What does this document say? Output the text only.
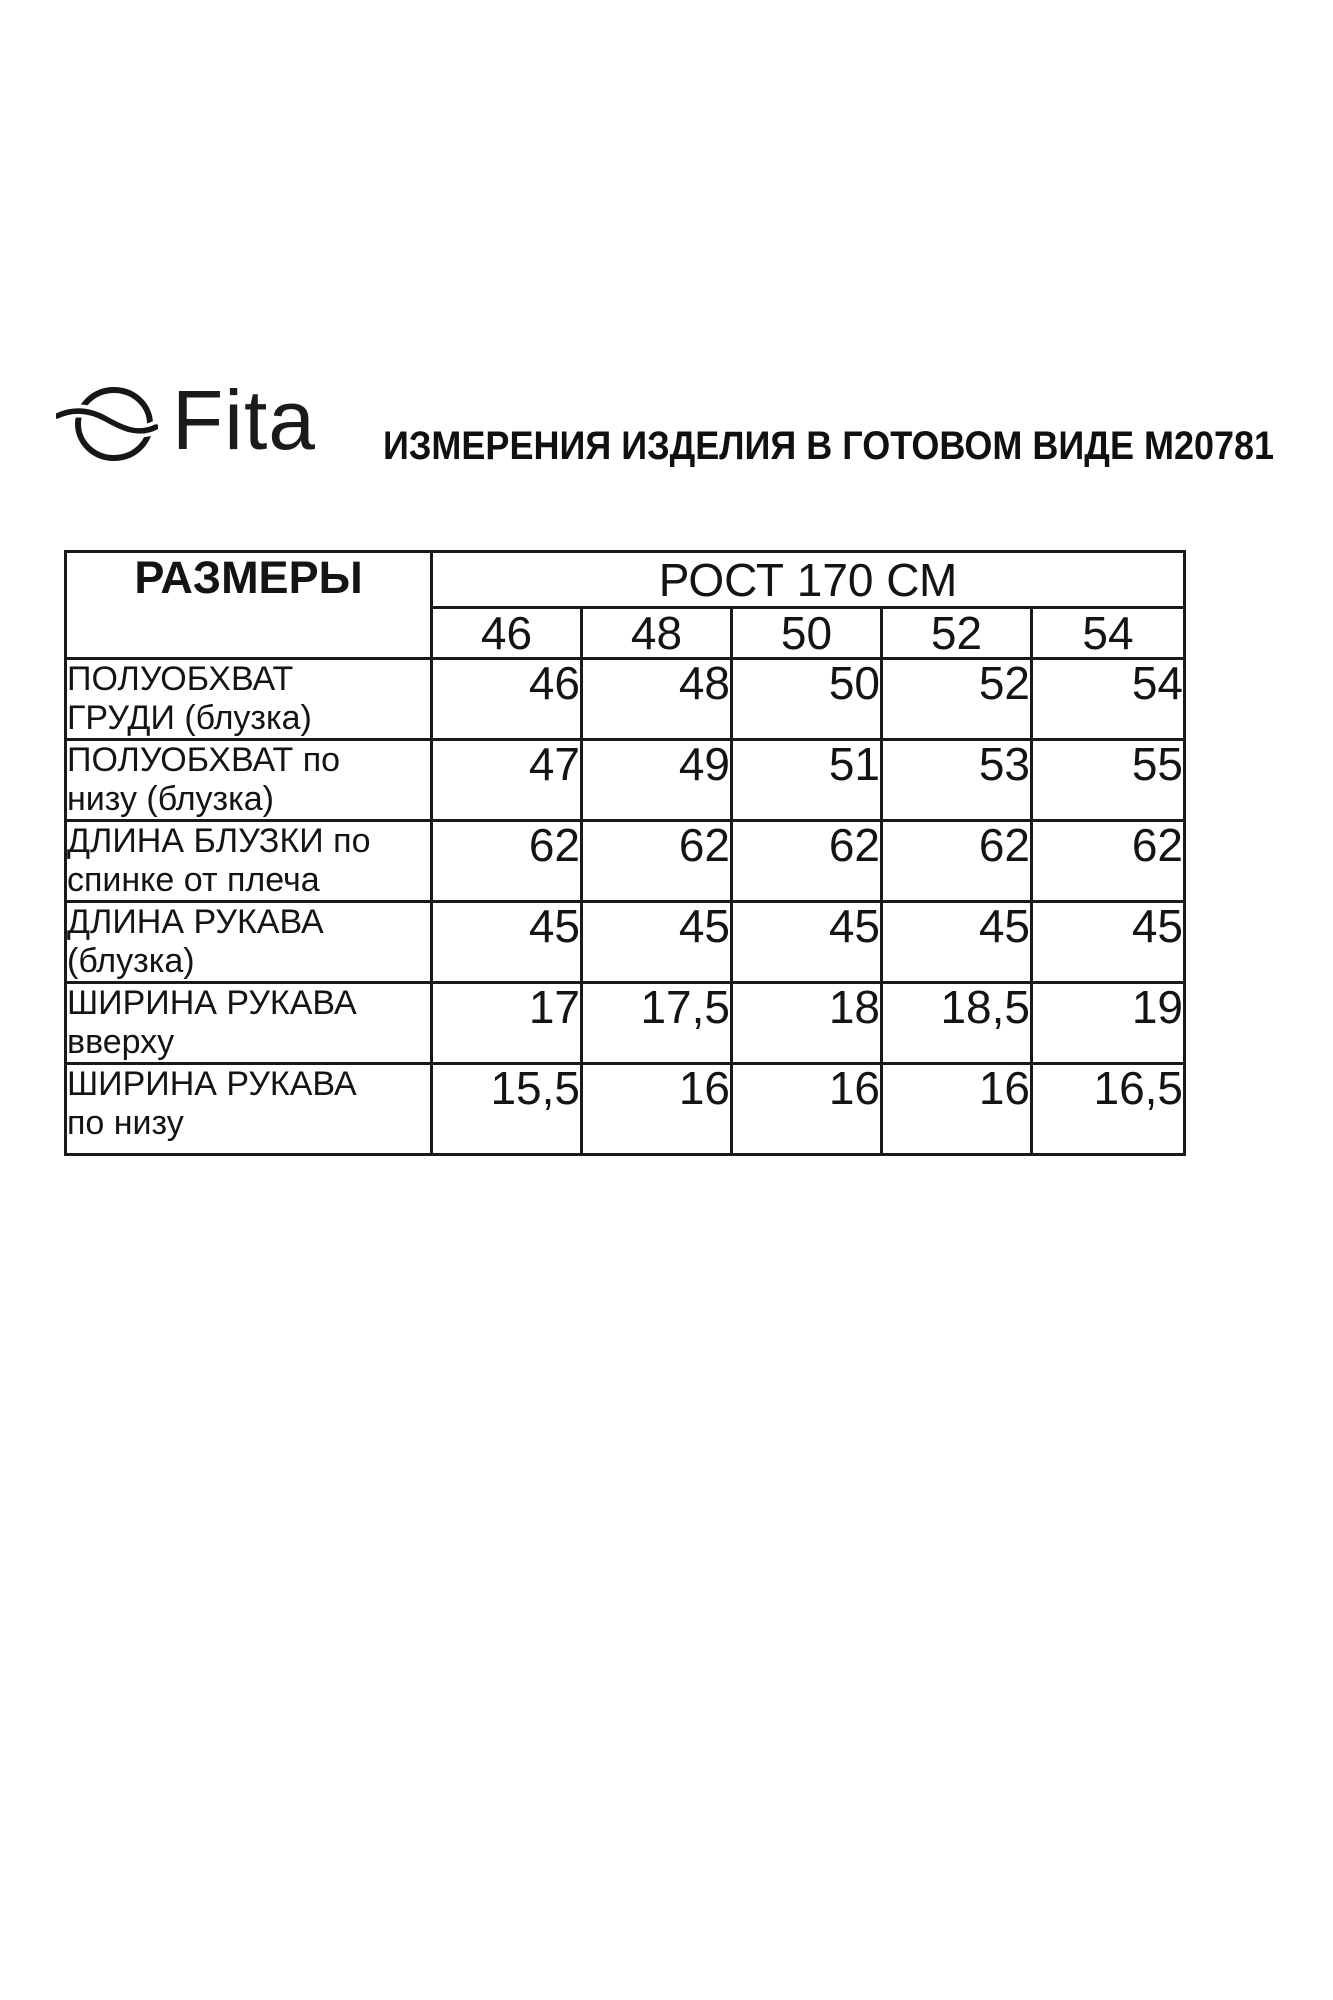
Fita ИЗМЕРЕНИЯ ИЗДЕЛИЯ В ГОТОВОМ ВИДЕ М20781
РАЗМЕРЫ	РОСТ 170 СМ				
	46	48	50	52	54
ПОЛУОБХВАТ
ГРУДИ (блузка)	46	48	50	52	54
ПОЛУОБХВАТ по
низу (блузка)	47	49	51	53	55
ДЛИНА БЛУЗКИ по
спинке от плеча	62	62	62	62	62
ДЛИНА РУКАВА
(блузка)	45	45	45	45	45
ШИРИНА РУКАВА
вверху	17	17,5	18	18,5	19
ШИРИНА РУКАВА
по низу	15,5	16	16	16	16,5
